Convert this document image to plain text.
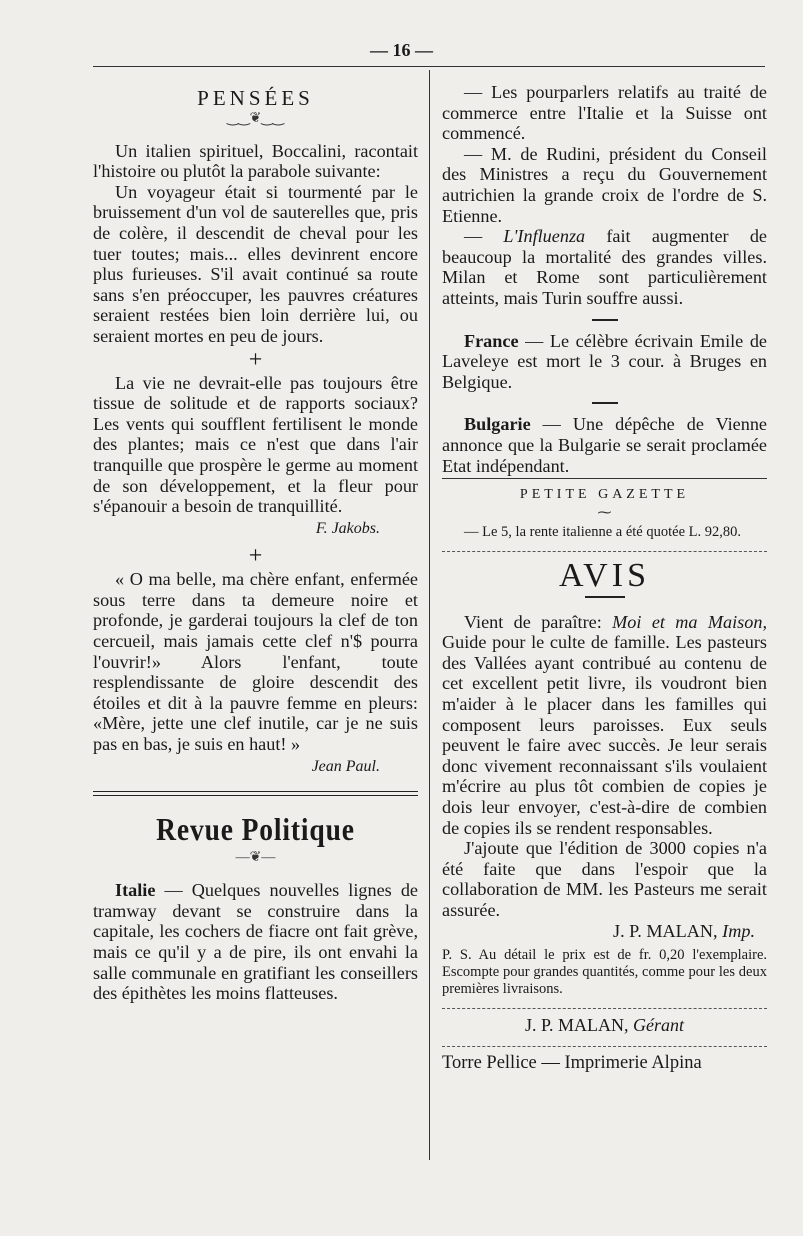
— 16 —
PENSÉES
‿‿❦‿‿

Un italien spirituel, Boccalini, racontait l'histoire ou plutôt la parabole suivante:

Un voyageur était si tourmenté par le bruissement d'un vol de sauterelles que, pris de colère, il descendit de cheval pour les tuer toutes; mais... elles devinrent encore plus furieuses. S'il avait continué sa route sans s'en préoccuper, les pauvres créatures seraient restées bien loin derrière lui, ou seraient mortes en peu de jours.

+

La vie ne devrait-elle pas toujours être tissue de solitude et de rapports sociaux? Les vents qui soufflent fertilisent le monde des plantes; mais ce n'est que dans l'air tranquille que prospère le germe au moment de son développement, et la fleur pour s'épanouir a besoin de tranquillité.

F. Jakobs.
+

« O ma belle, ma chère enfant, enfermée sous terre dans ta demeure noire et profonde, je garderai toujours la clef de ton cercueil, mais jamais cette clef n'$ pourra l'ouvrir!» Alors l'enfant, toute resplendissante de gloire descendit des étoiles et dit à la pauvre femme en pleurs: «Mère, jette une clef inutile, car je ne suis pas en bas, je suis en haut! »

Jean Paul.
Revue Politique
—❦—

Italie — Quelques nouvelles lignes de tramway devant se construire dans la capitale, les cochers de fiacre ont fait grève, mais ce qu'il y a de pire, ils ont envahi la salle communale en gratifiant les conseillers des épithètes les moins flatteuses.

— Les pourparlers relatifs au traité de commerce entre l'Italie et la Suisse ont commencé.

— M. de Rudini, président du Conseil des Ministres a reçu du Gouvernement autrichien la grande croix de l'ordre de S. Etienne.

— L'Influenza fait augmenter de beaucoup la mortalité des grandes villes. Milan et Rome sont particulièrement atteints, mais Turin souffre aussi.

France — Le célèbre écrivain Emile de Laveleye est mort le 3 cour. à Bruges en Belgique.

Bulgarie — Une dépêche de Vienne annonce que la Bulgarie se serait proclamée Etat indépendant.

PETITE GAZETTE
⁓

— Le 5, la rente italienne a été quotée L. 92,80.

AVIS

Vient de paraître: Moi et ma Maison, Guide pour le culte de famille. Les pasteurs des Vallées ayant contribué au contenu de cet excellent petit livre, ils voudront bien m'aider à le placer dans les familles qui composent leurs paroisses. Eux seuls peuvent le faire avec succès. Je leur serais donc vivement reconnaissant s'ils voulaient m'écrire au plus tôt combien de copies je dois leur envoyer, c'est-à-dire de combien de copies ils se rendent responsables.

J'ajoute que l'édition de 3000 copies n'a été faite que dans l'espoir que la collaboration de MM. les Pasteurs me serait assurée.

J. P. MALAN, Imp.

P. S. Au détail le prix est de fr. 0,20 l'exemplaire. Escompte pour grandes quantités, comme pour les deux premières livraisons.

J. P. MALAN, Gérant
Torre Pellice — Imprimerie Alpina
